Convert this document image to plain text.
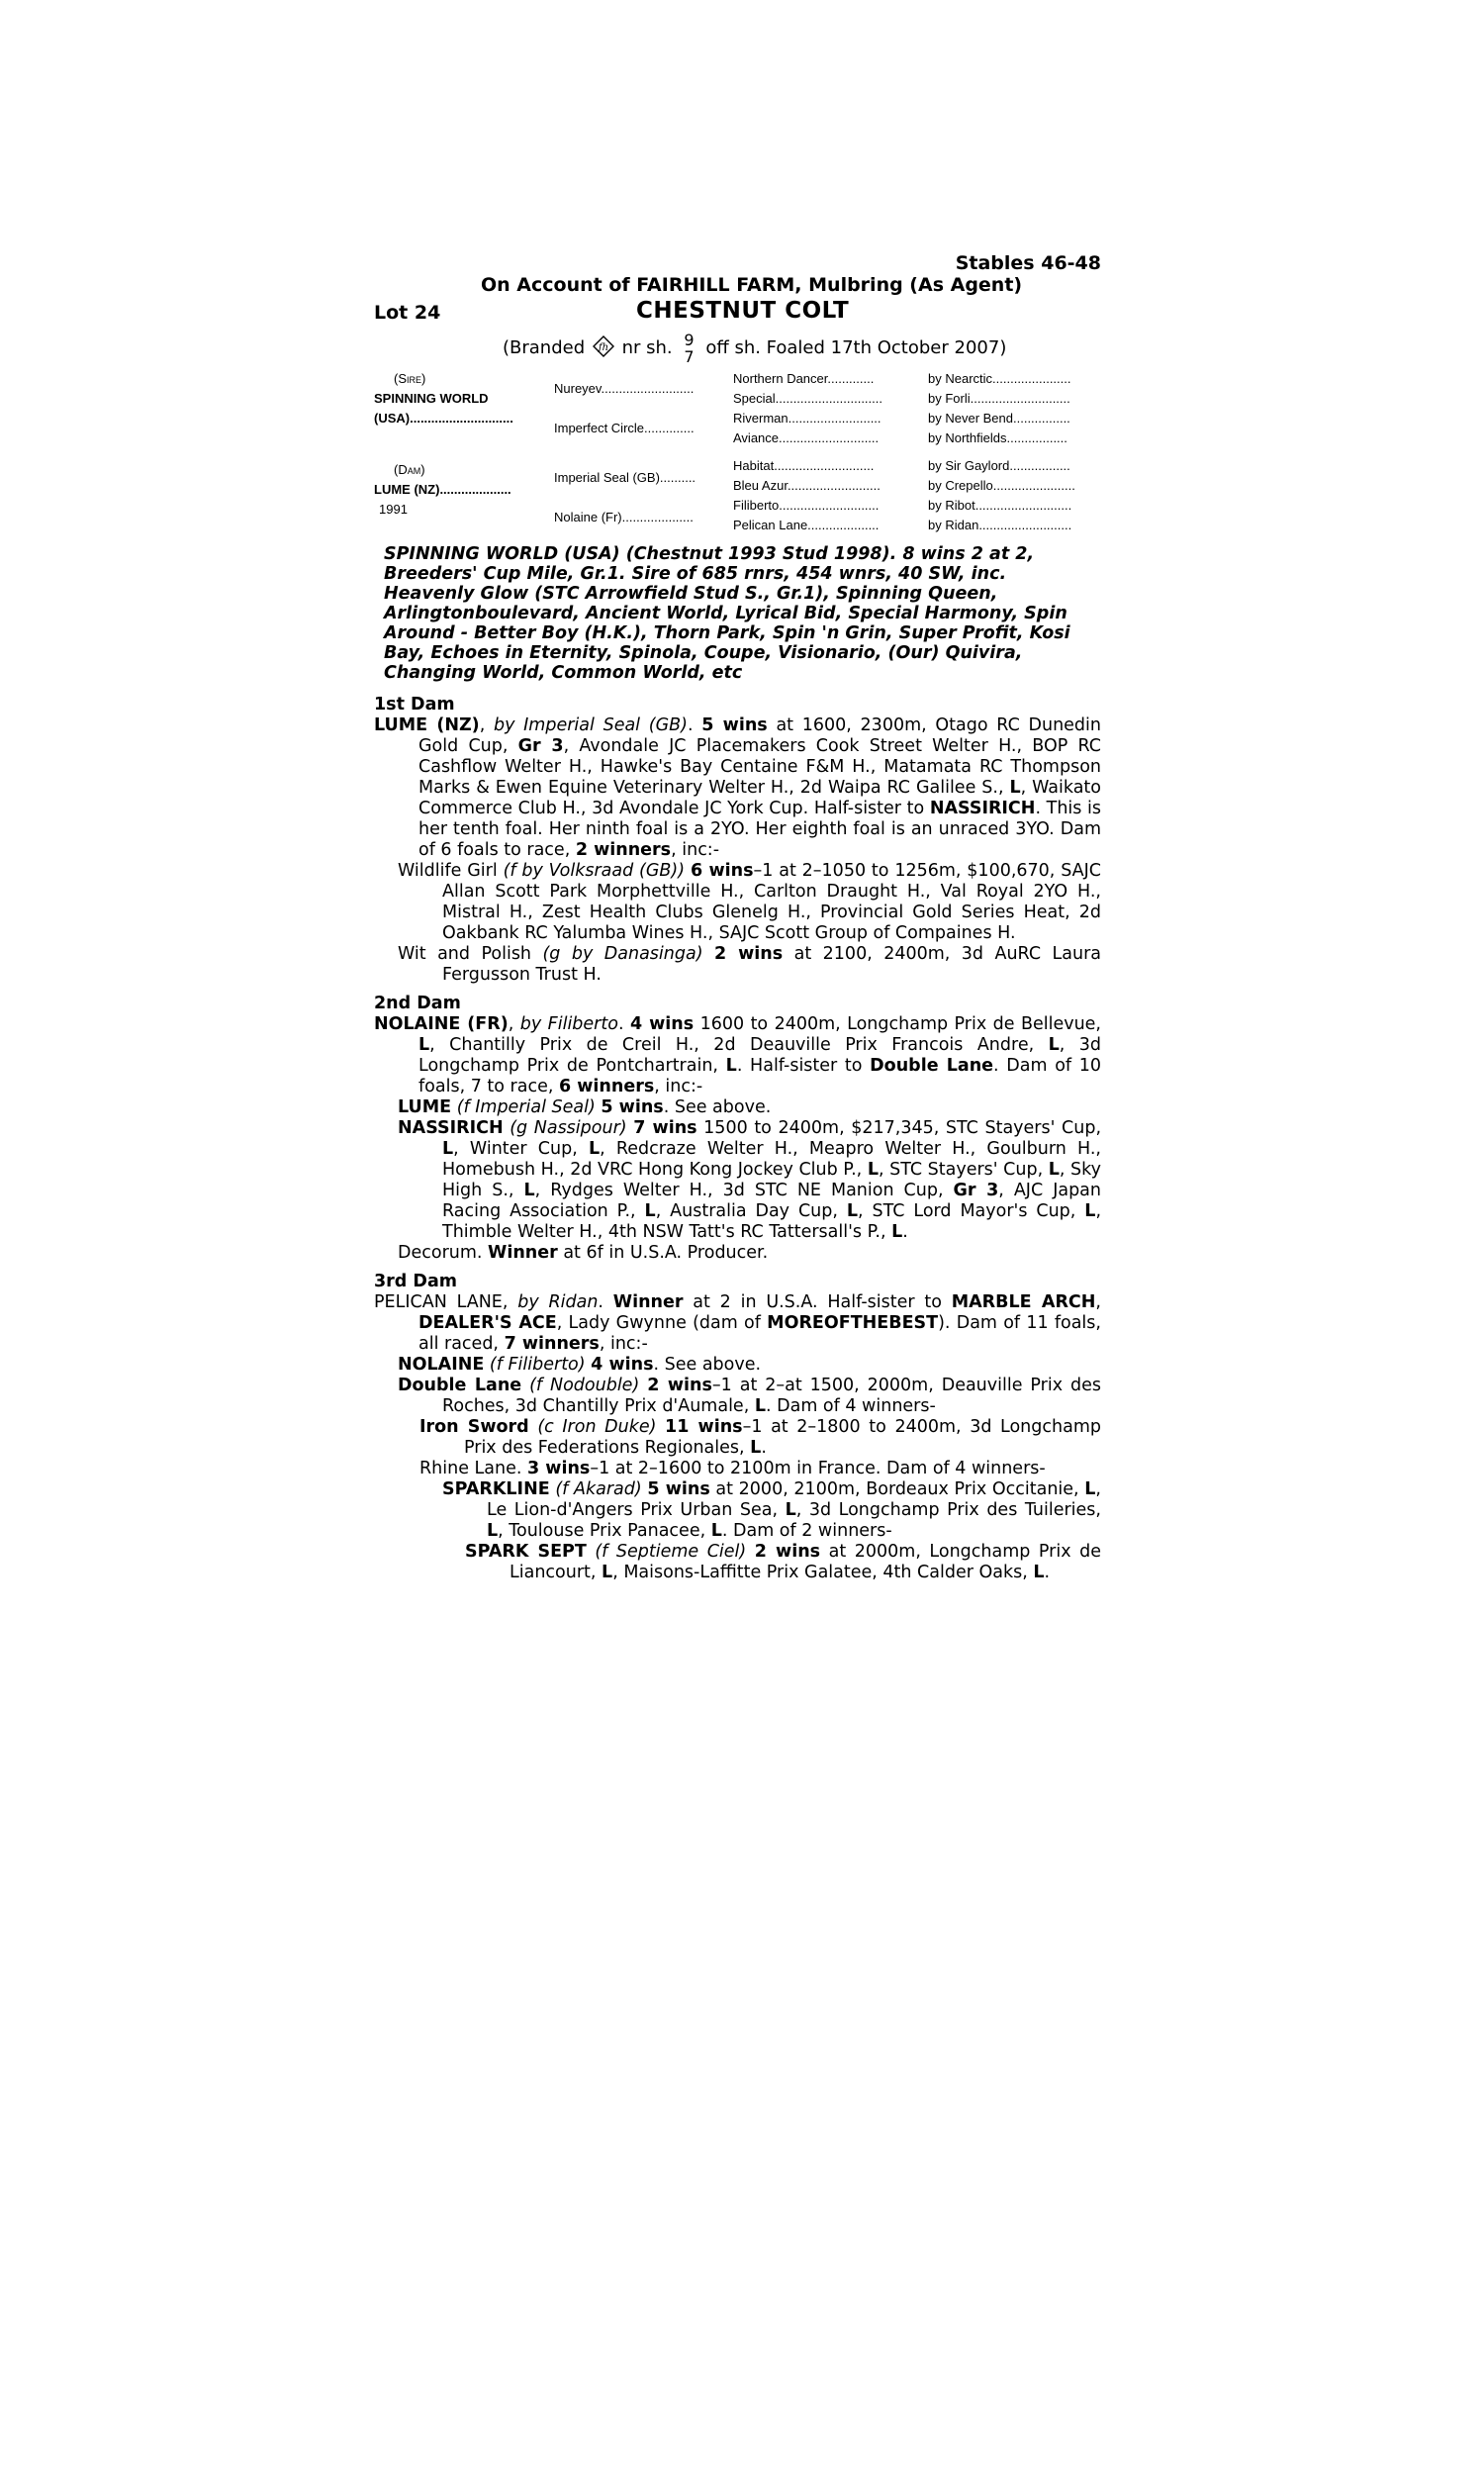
Stables 46-48
On Account of FAIRHILL FARM, Mulbring (As Agent)
Lot 24	CHESTNUT COLT
(Branded fh nr sh. 9
7 off sh. Foaled 17th October 2007)
(Sire)
SPINNING WORLD
(USA).............................
(Dam)
LUME (NZ)....................
1991
Nureyev..........................
Imperfect Circle..............
Imperial Seal (GB)..........
Nolaine (Fr)....................
Northern Dancer.............
Special..............................
Riverman..........................
Aviance............................
Habitat............................
Bleu Azur..........................
Filiberto............................
Pelican Lane....................
by Nearctic......................
by Forli............................
by Never Bend................
by Northfields.................
by Sir Gaylord.................
by Crepello.......................
by Ribot...........................
by Ridan..........................

SPINNING WORLD (USA) (Chestnut 1993 Stud 1998). 8 wins 2 at 2, Breeders' Cup Mile, Gr.1. Sire of 685 rnrs, 454 wnrs, 40 SW, inc. Heavenly Glow (STC Arrowfield Stud S., Gr.1), Spinning Queen, Arlingtonboulevard, Ancient World, Lyrical Bid, Special Harmony, Spin Around - Better Boy (H.K.), Thorn Park, Spin 'n Grin, Super Profit, Kosi Bay, Echoes in Eternity, Spinola, Coupe, Visionario, (Our) Quivira, Changing World, Common World, etc

1st Dam

LUME (NZ), by Imperial Seal (GB). 5 wins at 1600, 2300m, Otago RC Dunedin Gold Cup, Gr 3, Avondale JC Placemakers Cook Street Welter H., BOP RC Cashflow Welter H., Hawke's Bay Centaine F&M H., Matamata RC Thompson Marks & Ewen Equine Veterinary Welter H., 2d Waipa RC Galilee S., L, Waikato Commerce Club H., 3d Avondale JC York Cup. Half-sister to NASSIRICH. This is her tenth foal. Her ninth foal is a 2YO. Her eighth foal is an unraced 3YO. Dam of 6 foals to race, 2 winners, inc:-

Wildlife Girl (f by Volksraad (GB)) 6 wins–1 at 2–1050 to 1256m, $100,670, SAJC Allan Scott Park Morphettville H., Carlton Draught H., Val Royal 2YO H., Mistral H., Zest Health Clubs Glenelg H., Provincial Gold Series Heat, 2d Oakbank RC Yalumba Wines H., SAJC Scott Group of Compaines H.

Wit and Polish (g by Danasinga) 2 wins at 2100, 2400m, 3d AuRC Laura Fergusson Trust H.

2nd Dam

NOLAINE (FR), by Filiberto. 4 wins 1600 to 2400m, Longchamp Prix de Bellevue, L, Chantilly Prix de Creil H., 2d Deauville Prix Francois Andre, L, 3d Longchamp Prix de Pontchartrain, L. Half-sister to Double Lane. Dam of 10 foals, 7 to race, 6 winners, inc:-

LUME (f Imperial Seal) 5 wins. See above.

NASSIRICH (g Nassipour) 7 wins 1500 to 2400m, $217,345, STC Stayers' Cup, L, Winter Cup, L, Redcraze Welter H., Meapro Welter H., Goulburn H., Homebush H., 2d VRC Hong Kong Jockey Club P., L, STC Stayers' Cup, L, Sky High S., L, Rydges Welter H., 3d STC NE Manion Cup, Gr 3, AJC Japan Racing Association P., L, Australia Day Cup, L, STC Lord Mayor's Cup, L, Thimble Welter H., 4th NSW Tatt's RC Tattersall's P., L.

Decorum. Winner at 6f in U.S.A. Producer.

3rd Dam

PELICAN LANE, by Ridan. Winner at 2 in U.S.A. Half-sister to MARBLE ARCH, DEALER'S ACE, Lady Gwynne (dam of MOREOFTHEBEST). Dam of 11 foals, all raced, 7 winners, inc:-

NOLAINE (f Filiberto) 4 wins. See above.

Double Lane (f Nodouble) 2 wins–1 at 2–at 1500, 2000m, Deauville Prix des Roches, 3d Chantilly Prix d'Aumale, L. Dam of 4 winners-

Iron Sword (c Iron Duke) 11 wins–1 at 2–1800 to 2400m, 3d Longchamp Prix des Federations Regionales, L.

Rhine Lane. 3 wins–1 at 2–1600 to 2100m in France. Dam of 4 winners-

SPARKLINE (f Akarad) 5 wins at 2000, 2100m, Bordeaux Prix Occitanie, L, Le Lion-d'Angers Prix Urban Sea, L, 3d Longchamp Prix des Tuileries, L, Toulouse Prix Panacee, L. Dam of 2 winners-

SPARK SEPT (f Septieme Ciel) 2 wins at 2000m, Longchamp Prix de Liancourt, L, Maisons-Laffitte Prix Galatee, 4th Calder Oaks, L.
